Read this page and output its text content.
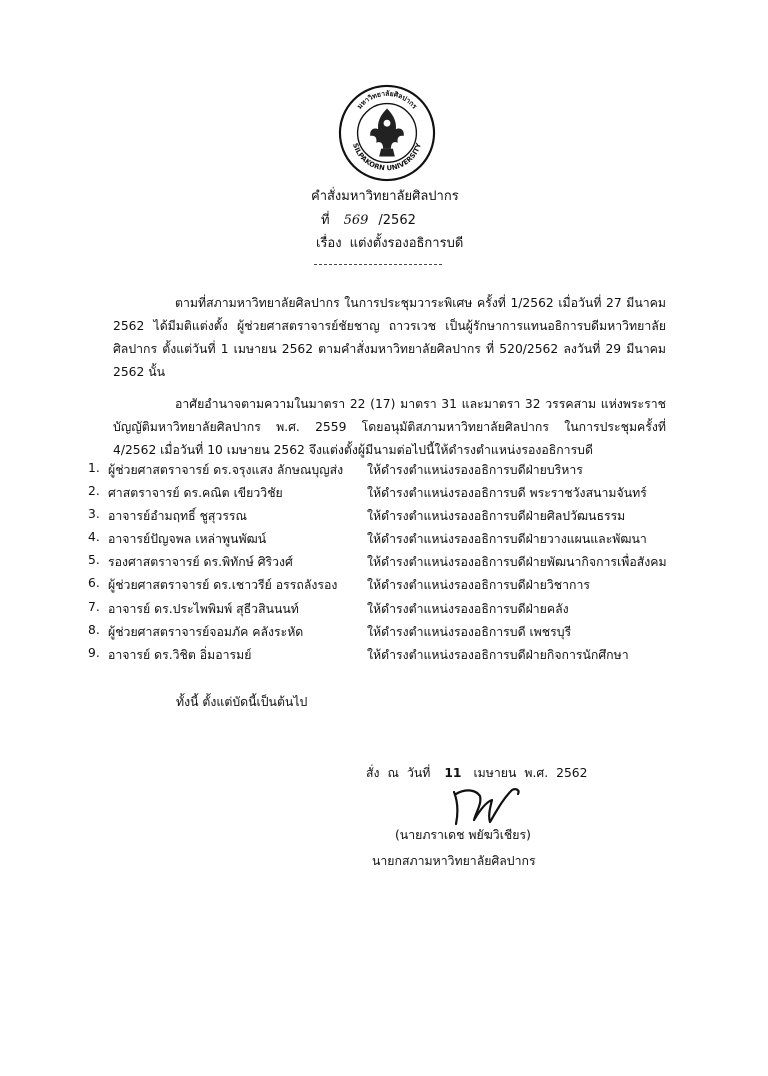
มหาวิทยาลัยศิลปากร
SILPAKORN UNIVERSITY
คำสั่งมหาวิทยาลัยศิลปากร
ที่ 569 /2562
เรื่อง แต่งตั้งรองอธิการบดี
ตามที่สภามหาวิทยาลัยศิลปากร ในการประชุมวาระพิเศษ ครั้งที่ 1/2562 เมื่อวันที่ 27 มีนาคม 2562 ได้มีมติแต่งตั้ง ผู้ช่วยศาสตราจารย์ชัยชาญ ถาวรเวช เป็นผู้รักษาการแทนอธิการบดีมหาวิทยาลัยศิลปากร ตั้งแต่วันที่ 1 เมษายน 2562 ตามคำสั่งมหาวิทยาลัยศิลปากร ที่ 520/2562 ลงวันที่ 29 มีนาคม 2562 นั้น
อาศัยอำนาจตามความในมาตรา 22 (17) มาตรา 31 และมาตรา 32 วรรคสาม แห่งพระราชบัญญัติมหาวิทยาลัยศิลปากร พ.ศ. 2559 โดยอนุมัติสภามหาวิทยาลัยศิลปากร ในการประชุมครั้งที่ 4/2562 เมื่อวันที่ 10 เมษายน 2562 จึงแต่งตั้งผู้มีนามต่อไปนี้ให้ดำรงตำแหน่งรองอธิการบดี
1. ผู้ช่วยศาสตราจารย์ ดร.จรุงแสง ลักษณบุญส่ง ให้ดำรงตำแหน่งรองอธิการบดีฝ่ายบริหาร
2. ศาสตราจารย์ ดร.คณิต เขียววิชัย	ให้ดำรงตำแหน่งรองอธิการบดี พระราชวังสนามจันทร์
3. อาจารย์อำมฤทธิ์ ชูสุวรรณ	ให้ดำรงตำแหน่งรองอธิการบดีฝ่ายศิลปวัฒนธรรม
4. อาจารย์ปัญจพล เหล่าพูนพัฒน์	ให้ดำรงตำแหน่งรองอธิการบดีฝ่ายวางแผนและพัฒนา
5. รองศาสตราจารย์ ดร.พิทักษ์ ศิริวงศ์	ให้ดำรงตำแหน่งรองอธิการบดีฝ่ายพัฒนากิจการเพื่อสังคม
6. ผู้ช่วยศาสตราจารย์ ดร.เชาวรีย์ อรรถลังรอง ให้ดำรงตำแหน่งรองอธิการบดีฝ่ายวิชาการ
7. อาจารย์ ดร.ประไพพิมพ์ สุธีวสินนนท์	ให้ดำรงตำแหน่งรองอธิการบดีฝ่ายคลัง
8. ผู้ช่วยศาสตราจารย์จอมภัค คลังระหัด	ให้ดำรงตำแหน่งรองอธิการบดี เพชรบุรี
9. อาจารย์ ดร.วิชิต อิ่มอารมย์	ให้ดำรงตำแหน่งรองอธิการบดีฝ่ายกิจการนักศึกษา
ทั้งนี้ ตั้งแต่บัดนี้เป็นต้นไป
สั่ง ณ วันที่ 11 เมษายน พ.ศ. 2562
(นายภราเดช พยัฆวิเชียร)
นายกสภามหาวิทยาลัยศิลปากร
